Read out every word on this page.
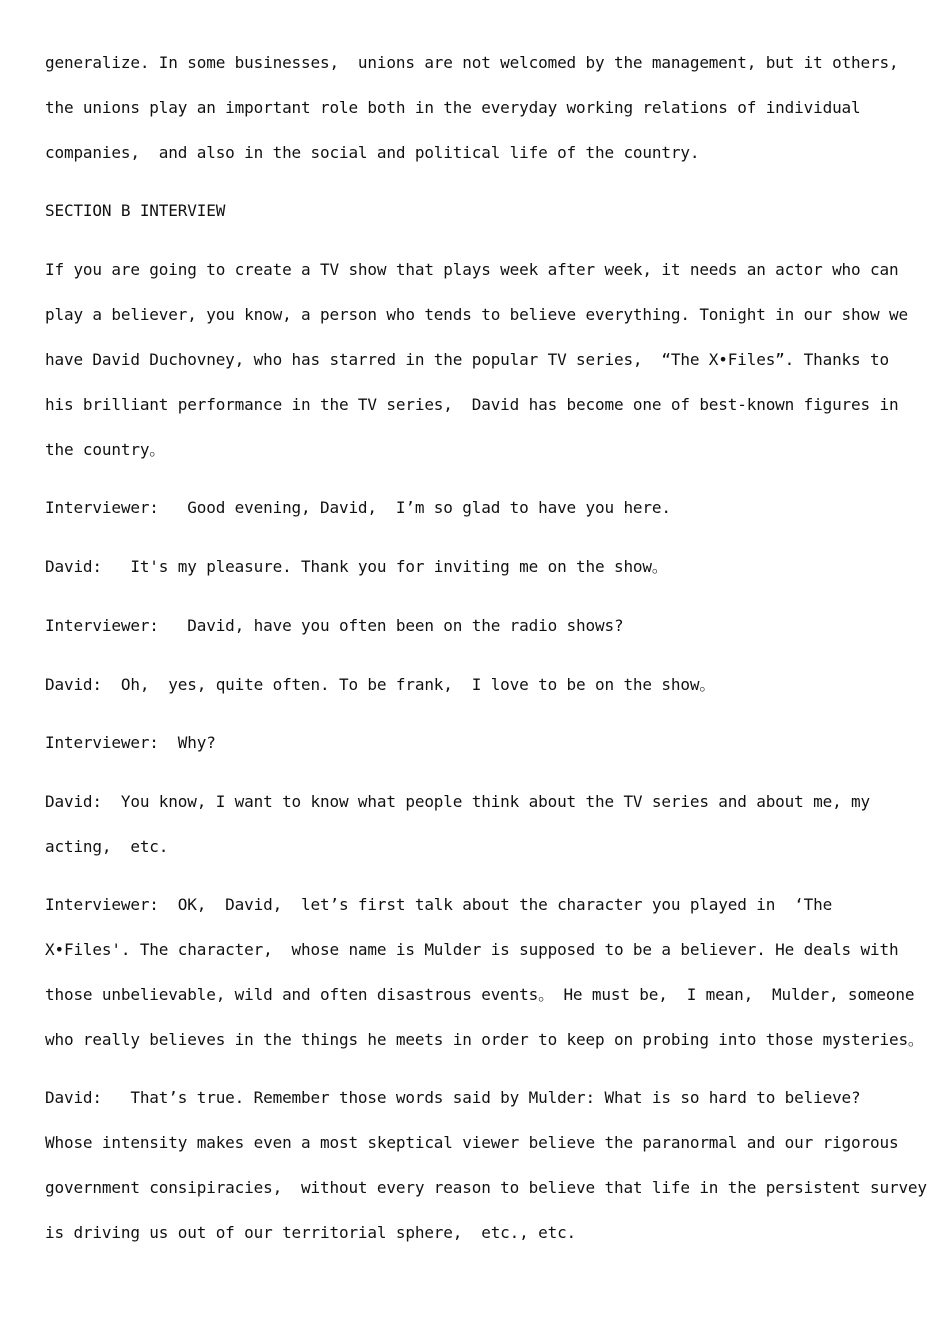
generalize. In some businesses,  unions are not welcomed by the management, but it others,
the unions play an important role both in the everyday working relations of individual
companies,  and also in the social and political life of the country.
SECTION B INTERVIEW
If you are going to create a TV show that plays week after week, it needs an actor who can
play a believer, you know, a person who tends to believe everything. Tonight in our show we
have David Duchovney, who has starred in the popular TV series,  “The X•Files”. Thanks to
his brilliant performance in the TV series,  David has become one of best-known figures in
the country。
Interviewer:   Good evening, David,  I’m so glad to have you here.
David:   It's my pleasure. Thank you for inviting me on the show。
Interviewer:   David, have you often been on the radio shows?
David:  Oh,  yes, quite often. To be frank,  I love to be on the show。
Interviewer:  Why?
David:  You know, I want to know what people think about the TV series and about me, my
acting,  etc.
Interviewer:  OK,  David,  let’s first talk about the character you played in  ‘The
X•Files'. The character,  whose name is Mulder is supposed to be a believer. He deals with
those unbelievable, wild and often disastrous events。 He must be,  I mean,  Mulder, someone
who really believes in the things he meets in order to keep on probing into those mysteries。
David:   That’s true. Remember those words said by Mulder: What is so hard to believe?
Whose intensity makes even a most skeptical viewer believe the paranormal and our rigorous
government consipiracies,  without every reason to believe that life in the persistent survey
is driving us out of our territorial sphere,  etc., etc.
